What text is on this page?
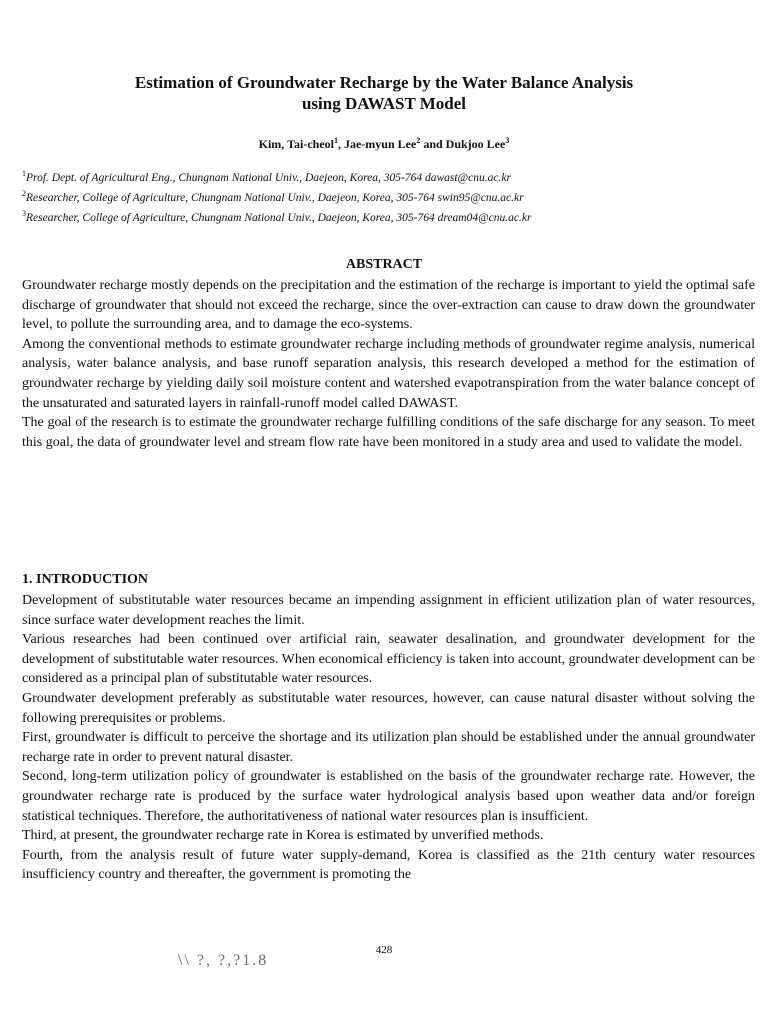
Estimation of Groundwater Recharge by the Water Balance Analysis
using DAWAST Model
Kim, Tai-cheol$^1$, Jae-myun Lee$^2$ and Dukjoo Lee$^3$
$^1$Prof. Dept. of Agricultural Eng., Chungnam National Univ., Daejeon, Korea, 305-764 dawast@cnu.ac.kr
$^2$Researcher, College of Agriculture, Chungnam National Univ., Daejeon, Korea, 305-764 swin95@cnu.ac.kr
$^3$Researcher, College of Agriculture, Chungnam National Univ., Daejeon, Korea, 305-764 dream04@cnu.ac.kr
ABSTRACT

Groundwater recharge mostly depends on the precipitation and the estimation of the recharge is important to yield the optimal safe discharge of groundwater that should not exceed the recharge, since the over-extraction can cause to draw down the groundwater level, to pollute the surrounding area, and to damage the eco-systems.

Among the conventional methods to estimate groundwater recharge including methods of groundwater regime analysis, numerical analysis, water balance analysis, and base runoff separation analysis, this research developed a method for the estimation of groundwater recharge by yielding daily soil moisture content and watershed evapotranspiration from the water balance concept of the unsaturated and saturated layers in rainfall-runoff model called DAWAST.

The goal of the research is to estimate the groundwater recharge fulfilling conditions of the safe discharge for any season. To meet this goal, the data of groundwater level and stream flow rate have been monitored in a study area and used to validate the model.

1. INTRODUCTION

Development of substitutable water resources became an impending assignment in efficient utilization plan of water resources, since surface water development reaches the limit.

Various researches had been continued over artificial rain, seawater desalination, and groundwater development for the development of substitutable water resources. When economical efficiency is taken into account, groundwater development can be considered as a principal plan of substitutable water resources.

Groundwater development preferably as substitutable water resources, however, can cause natural disaster without solving the following prerequisites or problems.

First, groundwater is difficult to perceive the shortage and its utilization plan should be established under the annual groundwater recharge rate in order to prevent natural disaster.

Second, long-term utilization policy of groundwater is established on the basis of the groundwater recharge rate. However, the groundwater recharge rate is produced by the surface water hydrological analysis based upon weather data and/or foreign statistical techniques. Therefore, the authoritativeness of national water resources plan is insufficient.

Third, at present, the groundwater recharge rate in Korea is estimated by unverified methods.

Fourth, from the analysis result of future water supply-demand, Korea is classified as the 21th century water resources insufficiency country and thereafter, the government is promoting the

428
\\ ?, ?,?1.8
